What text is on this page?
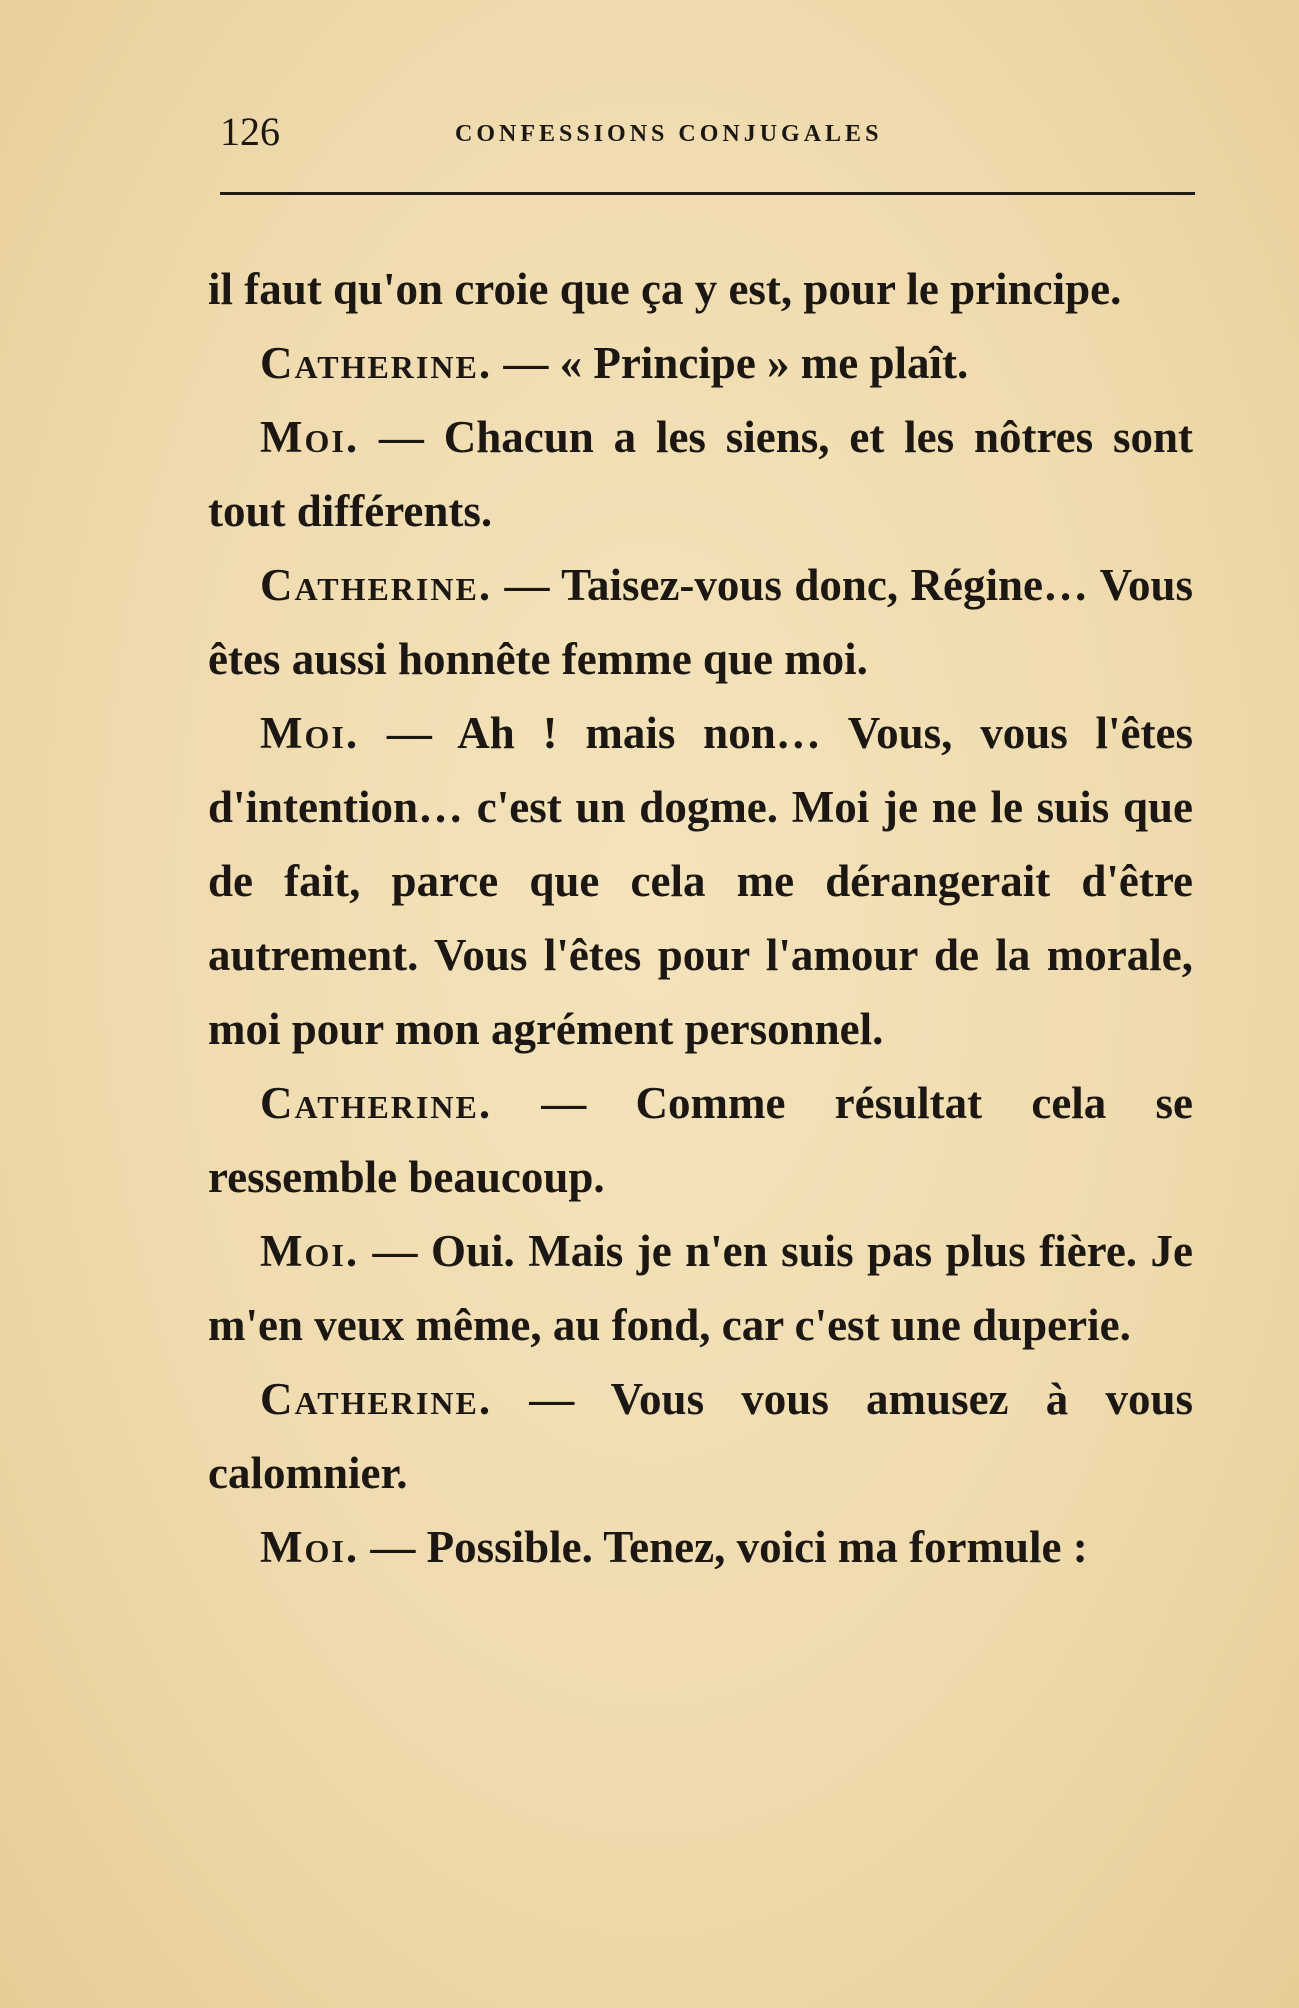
126	CONFESSIONS CONJUGALES

il faut qu'on croie que ça y est, pour le principe.

Catherine. — « Principe » me plaît.

Moi. — Chacun a les siens, et les nôtres sont tout différents.

Catherine. — Taisez-vous donc, Régine… Vous êtes aussi honnête femme que moi.

Moi. — Ah ! mais non… Vous, vous l'êtes d'intention… c'est un dogme. Moi je ne le suis que de fait, parce que cela me dérangerait d'être autrement. Vous l'êtes pour l'amour de la morale, moi pour mon agrément personnel.

Catherine. — Comme résultat cela se ressemble beaucoup.

Moi. — Oui. Mais je n'en suis pas plus fière. Je m'en veux même, au fond, car c'est une duperie.

Catherine. — Vous vous amusez à vous calomnier.

Moi. — Possible. Tenez, voici ma formule :
